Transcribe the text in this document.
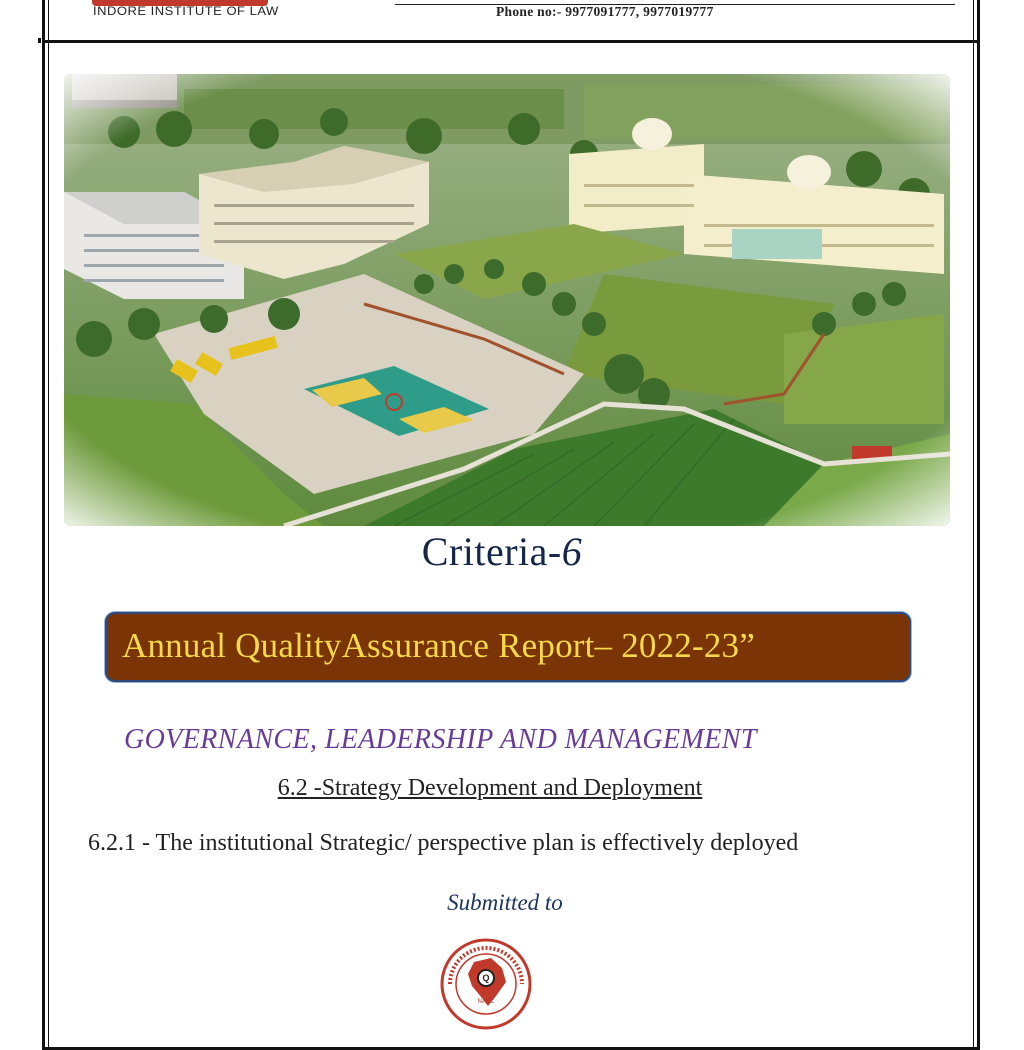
INDORE INSTITUTE OF LAW	Phone no:- 9977091777, 9977019777
Criteria-6
Annual QualityAssurance Report– 2022-23”
GOVERNANCE, LEADERSHIP AND MANAGEMENT
6.2 -Strategy Development and Deployment
6.2.1 - The institutional Strategic/ perspective plan is effectively deployed
Submitted to
Q
NAAC
